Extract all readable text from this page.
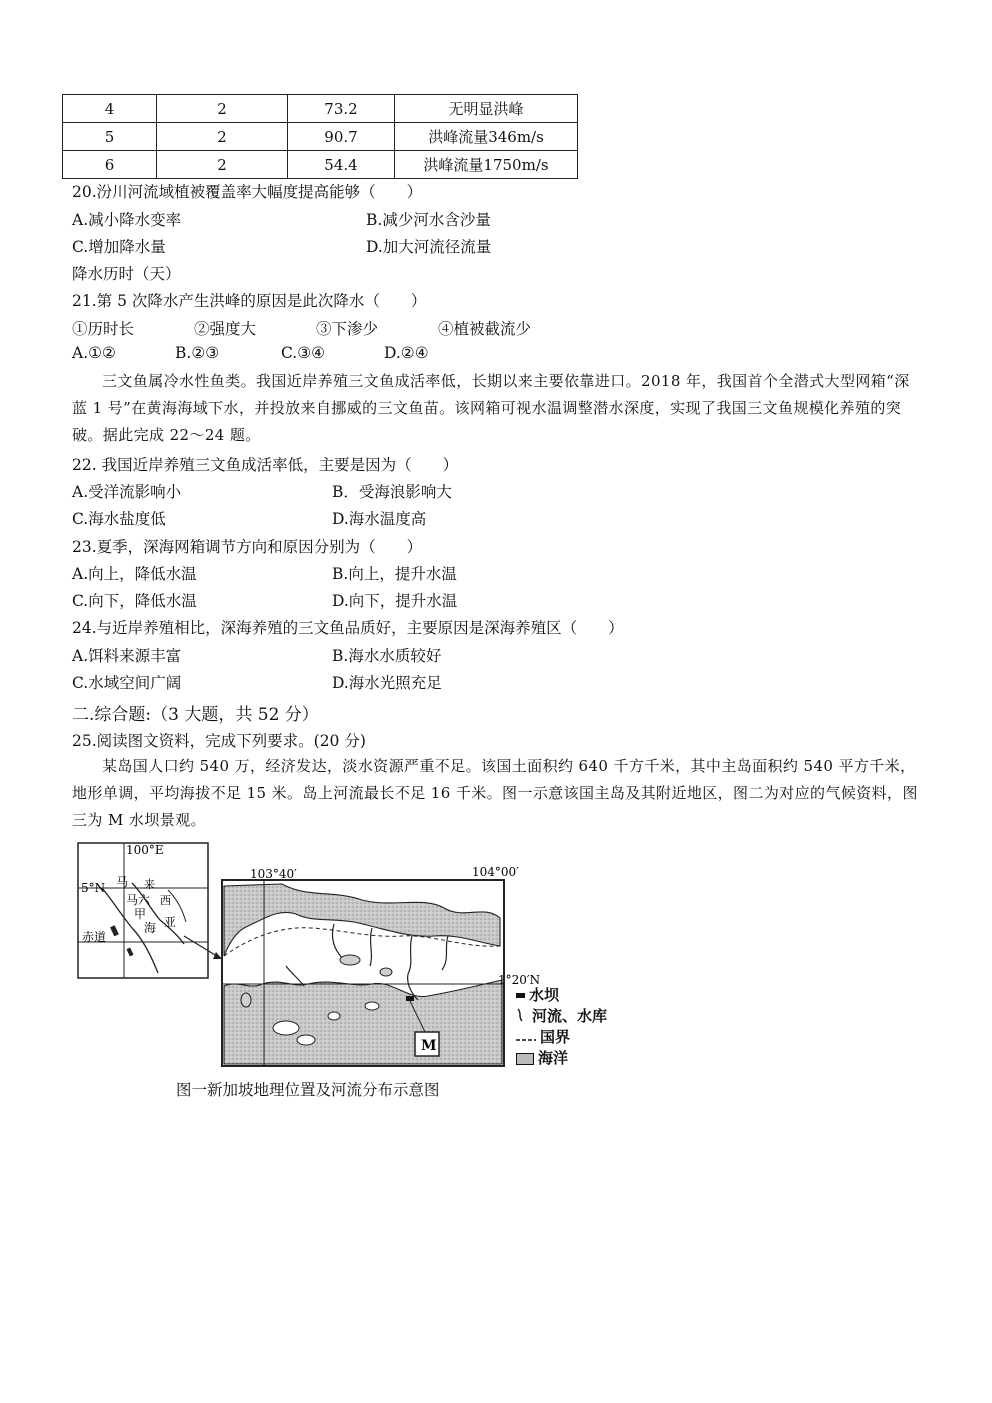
4	2	73.2	无明显洪峰
5	2	90.7	洪峰流量346m/s
6	2	54.4	洪峰流量1750m/s
20.汾川河流域植被覆盖率大幅度提高能够（　　）
A.减小降水变率	B.减少河水含沙量
C.增加降水量	D.加大河流径流量
降水历时（天）
21.第 5 次降水产生洪峰的原因是此次降水（　　）
①历时长	②强度大	③下渗少	④植被截流少
A.①②	B.②③	C.③④	D.②④
三文鱼属冷水性鱼类。我国近岸养殖三文鱼成活率低，长期以来主要依靠进口。2018 年，我国首个全潜式大型网箱“深蓝 1 号”在黄海海域下水，并投放来自挪威的三文鱼苗。该网箱可视水温调整潜水深度，实现了我国三文鱼规模化养殖的突破。据此完成 22～24 题。
22. 我国近岸养殖三文鱼成活率低，主要是因为（　　）
A.受洋流影响小	B．受海浪影响大
C.海水盐度低	D.海水温度高
23.夏季，深海网箱调节方向和原因分别为（　　）
A.向上，降低水温	B.向上，提升水温
C.向下，降低水温	D.向下，提升水温
24.与近岸养殖相比，深海养殖的三文鱼品质好，主要原因是深海养殖区（　　）
A.饵料来源丰富	B.海水水质较好
C.水域空间广阔	D.海水光照充足
二.综合题:（3 大题，共 52 分）
25.阅读图文资料，完成下列要求。(20 分)
某岛国人口约 540 万，经济发达，淡水资源严重不足。该国土面积约 640 千方千米，其中主岛面积约 540 平方千米，地形单调，平均海拔不足 15 米。岛上河流最长不足 16 千米。图一示意该国主岛及其附近地区，图二为对应的气候资料，图三为 M 水坝景观。
100°E
5°N
赤道
马 来
马六
甲
海
西
亚
103°40′	104°00′
1°20′N
M
水坝
河流、水库
国界
海洋
图一新加坡地理位置及河流分布示意图
